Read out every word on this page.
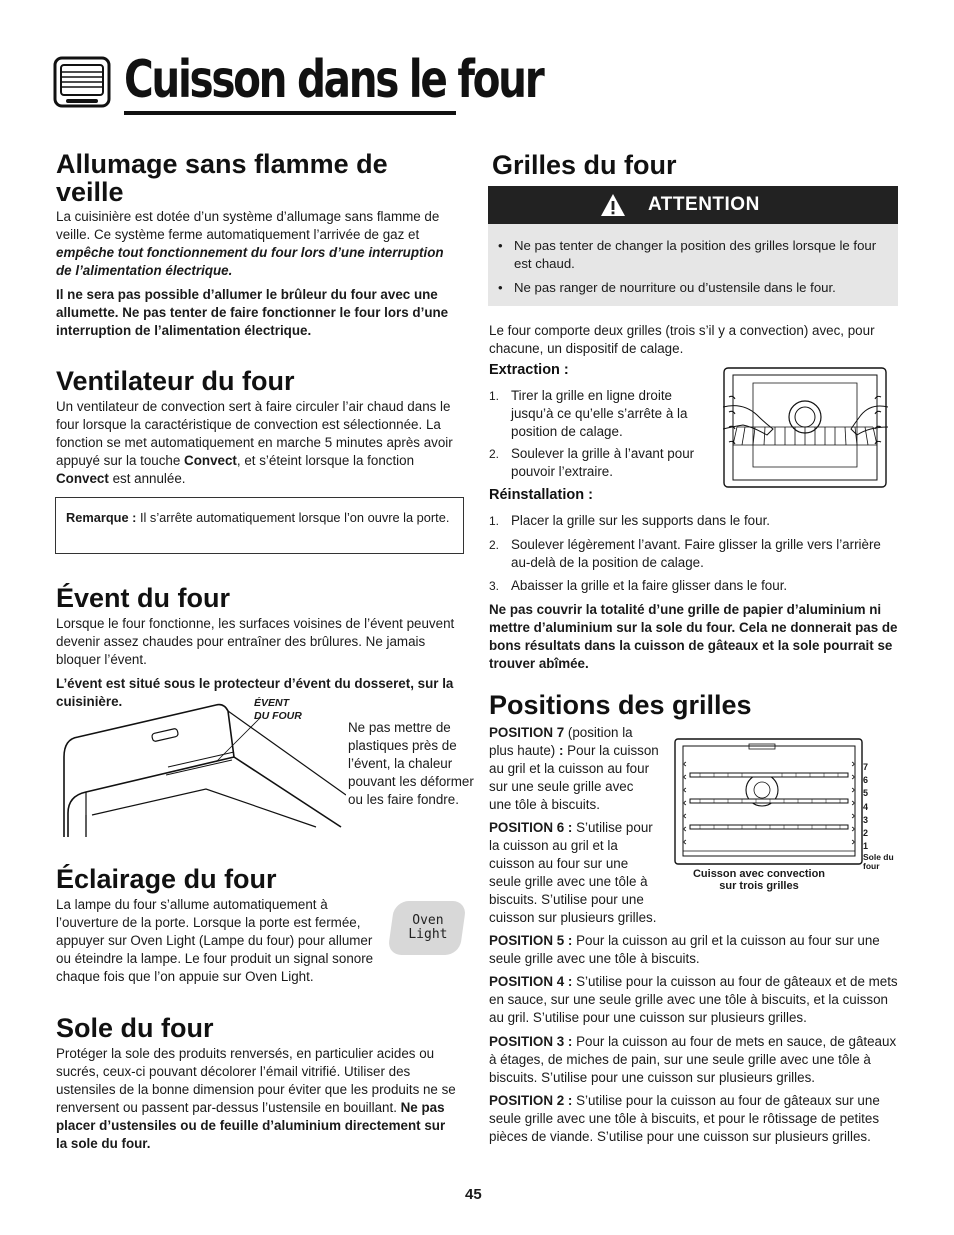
Cuisson dans le four
Allumage sans flamme de veille
La cuisinière est dotée d’un système d’allumage sans flamme de veille. Ce système ferme automatiquement l’arrivée de gaz et empêche tout fonctionnement du four lors d’une interruption de l’alimentation électrique.

Il ne sera pas possible d’allumer le brûleur du four avec une allumette. Ne pas tenter de faire fonctionner le four lors d’une interruption de l’alimentation électrique.

Ventilateur du four
Un ventilateur de convection sert à faire circuler l’air chaud dans le four lorsque la caractéristique de convection est sélectionnée. La fonction se met automatiquement en marche 5 minutes après avoir appuyé sur la touche Convect, et s’éteint lorsque la fonction Convect est annulée.
Remarque : Il s’arrête automatiquement lorsque l’on ouvre la porte.
Évent du four

Lorsque le four fonctionne, les surfaces voisines de l’évent peuvent devenir assez chaudes pour entraîner des brûlures. Ne jamais bloquer l’évent.

L’évent est situé sous le protecteur d’évent du dosseret, sur la cuisinière.	ÉVENT
DU FOUR

Ne pas mettre de plastiques près de l’évent, la chaleur pouvant les déformer ou les faire fondre.

Éclairage du four

La lampe du four s’allume automatiquement à l’ouverture de la porte. Lorsque la porte est fermée, appuyer sur Oven Light (Lampe du four) pour allumer ou éteindre la lampe. Le four produit un signal sonore chaque fois que l’on appuie sur Oven Light.

Oven
Light
Sole du four
Protéger la sole des produits renversés, en particulier acides ou sucrés, ceux-ci pouvant décolorer l’émail vitrifié. Utiliser des ustensiles de la bonne dimension pour éviter que les produits ne se renversent ou passent par-dessus l’ustensile en bouillant. Ne pas placer d’ustensiles ou de feuille d’aluminium directement sur la sole du four.
Grilles du four
ATTENTION
• Ne pas tenter de changer la position des grilles lorsque le four est chaud.
• Ne pas ranger de nourriture ou d’ustensile dans le four.

Le four comporte deux grilles (trois s’il y a convection) avec, pour chacune, un dispositif de calage.

Extraction :
1. Tirer la grille en ligne droite jusqu’à ce qu’elle s’arrête à la position de calage.
2. Soulever la grille à l’avant pour pouvoir l’extraire.
Réinstallation :
1. Placer la grille sur les supports dans le four.
2. Soulever légèrement l’avant. Faire glisser la grille vers l’arrière au-delà de la position de calage.
3. Abaisser la grille et la faire glisser dans le four.

Ne pas couvrir la totalité d’une grille de papier d’aluminium ni mettre d’aluminium sur la sole du four. Cela ne donnerait pas de bons résultats dans la cuisson de gâteaux et la sole pourrait se trouver abîmée.

Positions des grilles
POSITION 7 (position la plus haute) : Pour la cuisson au gril et la cuisson au four sur une seule grille avec une tôle à biscuits.
POSITION 6 : S’utilise pour la cuisson au gril et la cuisson au four sur une seule grille avec une tôle à biscuits. S’utilise pour une cuisson sur plusieurs grilles.
7
6
5
4
3
2
1
Sole du
four
Cuisson avec convection
sur trois grilles
POSITION 5 : Pour la cuisson au gril et la cuisson au four sur une seule grille avec une tôle à biscuits.
POSITION 4 : S’utilise pour la cuisson au four de gâteaux et de mets en sauce, sur une seule grille avec une tôle à biscuits, et la cuisson au gril. S’utilise pour une cuisson sur plusieurs grilles.
POSITION 3 : Pour la cuisson au four de mets en sauce, de gâteaux à étages, de miches de pain, sur une seule grille avec une tôle à biscuits. S’utilise pour une cuisson sur plusieurs grilles.
POSITION 2 : S’utilise pour la cuisson au four de gâteaux sur une seule grille avec une tôle à biscuits, et pour le rôtissage de petites pièces de viande. S’utilise pour une cuisson sur plusieurs grilles.
45
